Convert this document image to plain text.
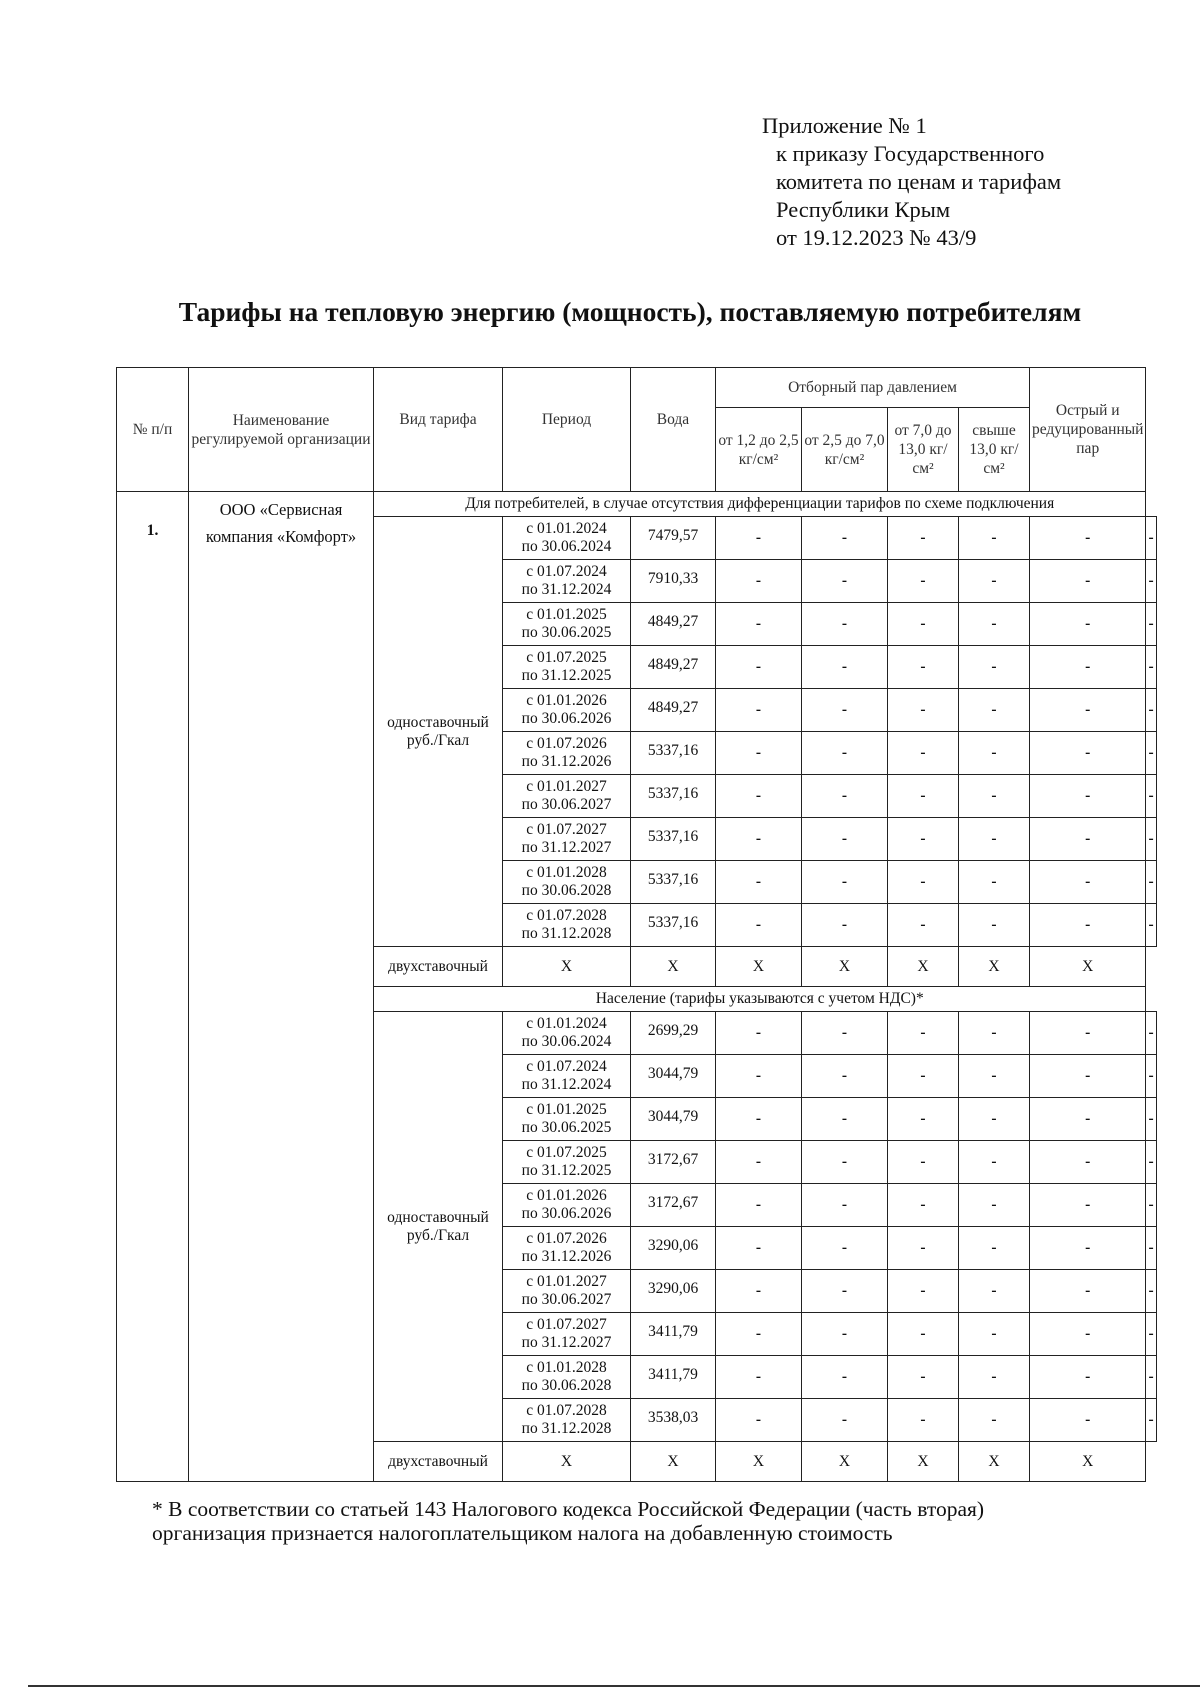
Приложение № 1
к приказу Государственного
комитета по ценам и тарифам
Республики Крым
от 19.12.2023 № 43/9
Тарифы на тепловую энергию (мощность), поставляемую потребителям
№ п/п	Наименование регулируемой организации	Вид тарифа	Период	Вода	Отборный пар давлением				Острый и редуцированный пар	
					от 1,2 до 2,5 кг/см²	от 2,5 до 7,0 кг/см²	от 7,0 до 13,0 кг/см²	свыше 13,0 кг/см²		
1.	ООО «Сервисная компания «Комфорт»	Для потребителей, в случае отсутствия дифференциации тарифов по схеме подключения								
		одноставочный руб./Гкал	с 01.01.2024
по 30.06.2024	7479,57	-	-	-	-	-	-

			с 01.07.2024
по 31.12.2024	7910,33	-	-	-	-	-	-

			с 01.01.2025
по 30.06.2025	4849,27	-	-	-	-	-	-

			с 01.07.2025
по 31.12.2025	4849,27	-	-	-	-	-	-

			с 01.01.2026
по 30.06.2026	4849,27	-	-	-	-	-	-

			с 01.07.2026
по 31.12.2026	5337,16	-	-	-	-	-	-

			с 01.01.2027
по 30.06.2027	5337,16	-	-	-	-	-	-

			с 01.07.2027
по 31.12.2027	5337,16	-	-	-	-	-	-

			с 01.01.2028
по 30.06.2028	5337,16	-	-	-	-	-	-

			с 01.07.2028
по 31.12.2028	5337,16	-	-	-	-	-	-
		двухставочный	X	X	X	X	X	X	X	
		Население (тарифы указываются с учетом НДС)*								
		одноставочный руб./Гкал	с 01.01.2024
по 30.06.2024	2699,29	-	-	-	-	-	-

			с 01.07.2024
по 31.12.2024	3044,79	-	-	-	-	-	-

			с 01.01.2025
по 30.06.2025	3044,79	-	-	-	-	-	-

			с 01.07.2025
по 31.12.2025	3172,67	-	-	-	-	-	-

			с 01.01.2026
по 30.06.2026	3172,67	-	-	-	-	-	-

			с 01.07.2026
по 31.12.2026	3290,06	-	-	-	-	-	-

			с 01.01.2027
по 30.06.2027	3290,06	-	-	-	-	-	-

			с 01.07.2027
по 31.12.2027	3411,79	-	-	-	-	-	-

			с 01.01.2028
по 30.06.2028	3411,79	-	-	-	-	-	-

			с 01.07.2028
по 31.12.2028	3538,03	-	-	-	-	-	-
		двухставочный	X	X	X	X	X	X	X	
* В соответствии со статьей 143 Налогового кодекса Российской Федерации (часть вторая)
организация признается налогоплательщиком налога на добавленную стоимость
